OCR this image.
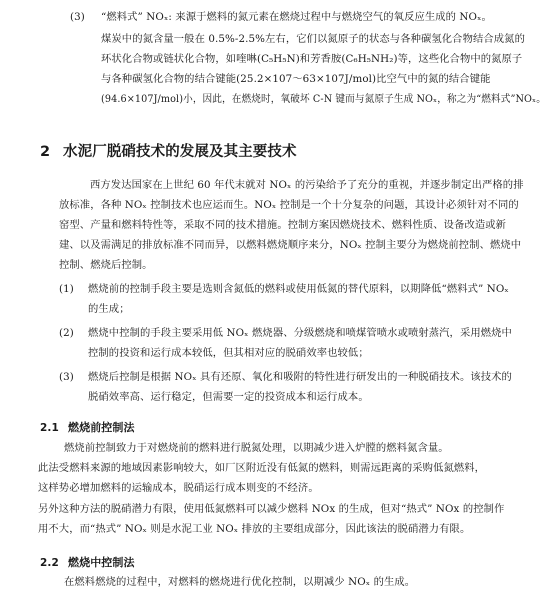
(3) “燃料式” NOₓ: 来源于燃料的氮元素在燃烧过程中与燃烧空气的氧反应生成的 NOₓ。
煤炭中的氮含量一般在 0.5%-2.5%左右，它们以氮原子的状态与各种碳氢化合物结合成氮的
环状化合物或链状化合物，如喹啉(C₅H₅N)和芳香胺(C₆H₅NH₂)等，这些化合物中的氮原子
与各种碳氢化合物的结合键能(25.2×107～63×107J/mol)比空气中的氮的结合键能
(94.6×107J/mol)小，因此，在燃烧时，氧破坏 C-N 键而与氮原子生成 NOₓ，称之为“燃料式”NOₓ。
2 水泥厂脱硝技术的发展及其主要技术
西方发达国家在上世纪 60 年代末就对 NOₓ 的污染给予了充分的重视，并逐步制定出严格的排
放标准，各种 NOₓ 控制技术也应运而生。NOₓ 控制是一个十分复杂的问题，其设计必须针对不同的
窑型、产量和燃料特性等，采取不同的技术措施。控制方案因燃烧技术、燃料性质、设备改造或新
建、以及需满足的排放标准不同而异，以燃料燃烧顺序来分，NOₓ 控制主要分为燃烧前控制、燃烧中
控制、燃烧后控制。
(1) 燃烧前的控制手段主要是选则含氮低的燃料或使用低氮的替代原料，以期降低“燃料式” NOₓ
的生成；
(2) 燃烧中控制的手段主要采用低 NOₓ 燃烧器、分级燃烧和喷煤管喷水或喷射蒸汽，采用燃烧中
控制的投资和运行成本较低，但其相对应的脱硝效率也较低；
(3) 燃烧后控制是根据 NOₓ 具有还原、氧化和吸附的特性进行研发出的一种脱硝技术。该技术的
脱硝效率高、运行稳定，但需要一定的投资成本和运行成本。
2.1 燃烧前控制法
燃烧前控制致力于对燃烧前的燃料进行脱氮处理，以期减少进入炉膛的燃料氮含量。
此法受燃料来源的地域因素影响较大，如厂区附近没有低氮的燃料，则需远距离的采购低氮燃料，
这样势必增加燃料的运输成本，脱硝运行成本则变的不经济。
另外这种方法的脱硝潜力有限，使用低氮燃料可以减少燃料 NOx 的生成，但对“热式” NOx 的控制作
用不大，而“热式” NOₓ 则是水泥工业 NOₓ 排放的主要组成部分，因此该法的脱硝潜力有限。
2.2 燃烧中控制法
在燃料燃烧的过程中，对燃料的燃烧进行优化控制，以期减少 NOₓ 的生成。
